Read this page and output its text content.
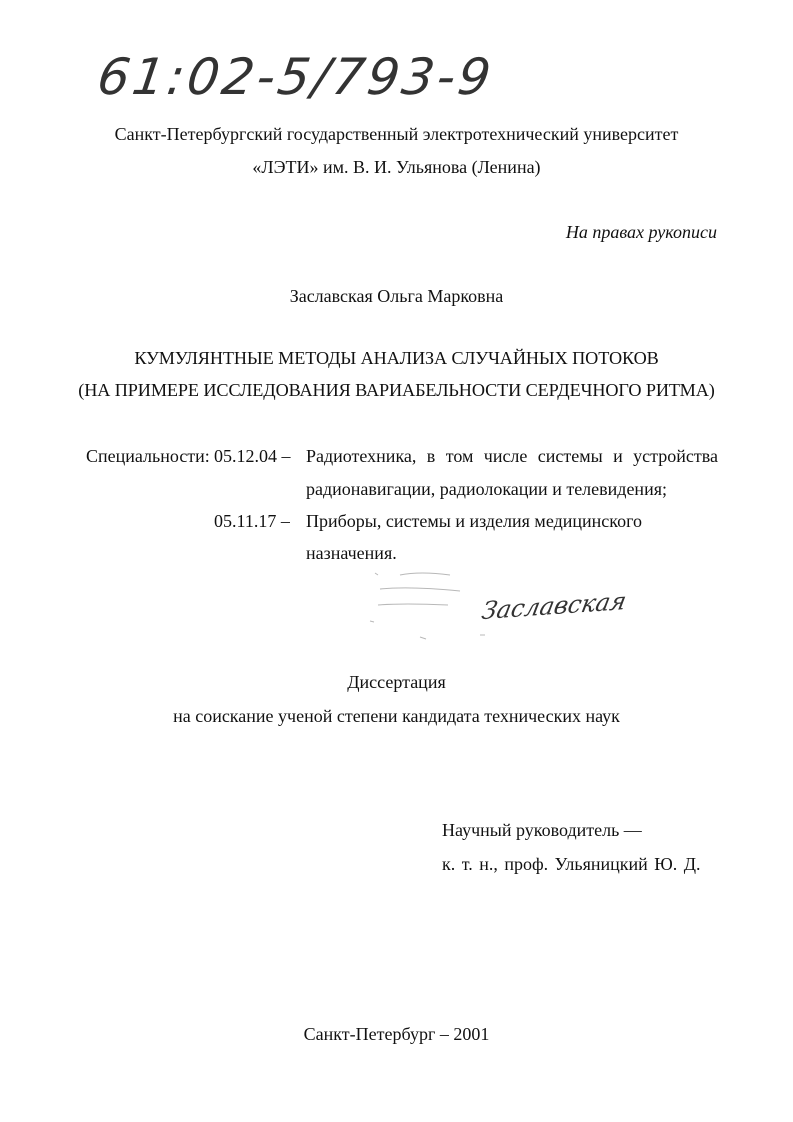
61:02-5/793-9
Санкт-Петербургский государственный электротехнический университет
«ЛЭТИ» им. В. И. Ульянова (Ленина)
На правах рукописи
Заславская Ольга Марковна
КУМУЛЯНТНЫЕ МЕТОДЫ АНАЛИЗА СЛУЧАЙНЫХ ПОТОКОВ
(НА ПРИМЕРЕ ИССЛЕДОВАНИЯ ВАРИАБЕЛЬНОСТИ СЕРДЕЧНОГО РИТМА)
Специальности: 05.12.04 – Радиотехника, в том числе системы и устройства
радионавигации, радиолокации и телевидения;
05.11.17 – Приборы, системы и изделия медицинского
назначения.
Заславская
Диссертация
на соискание ученой степени кандидата технических наук
Научный руководитель —
к. т. н., проф. Ульяницкий Ю. Д.
Санкт-Петербург – 2001
